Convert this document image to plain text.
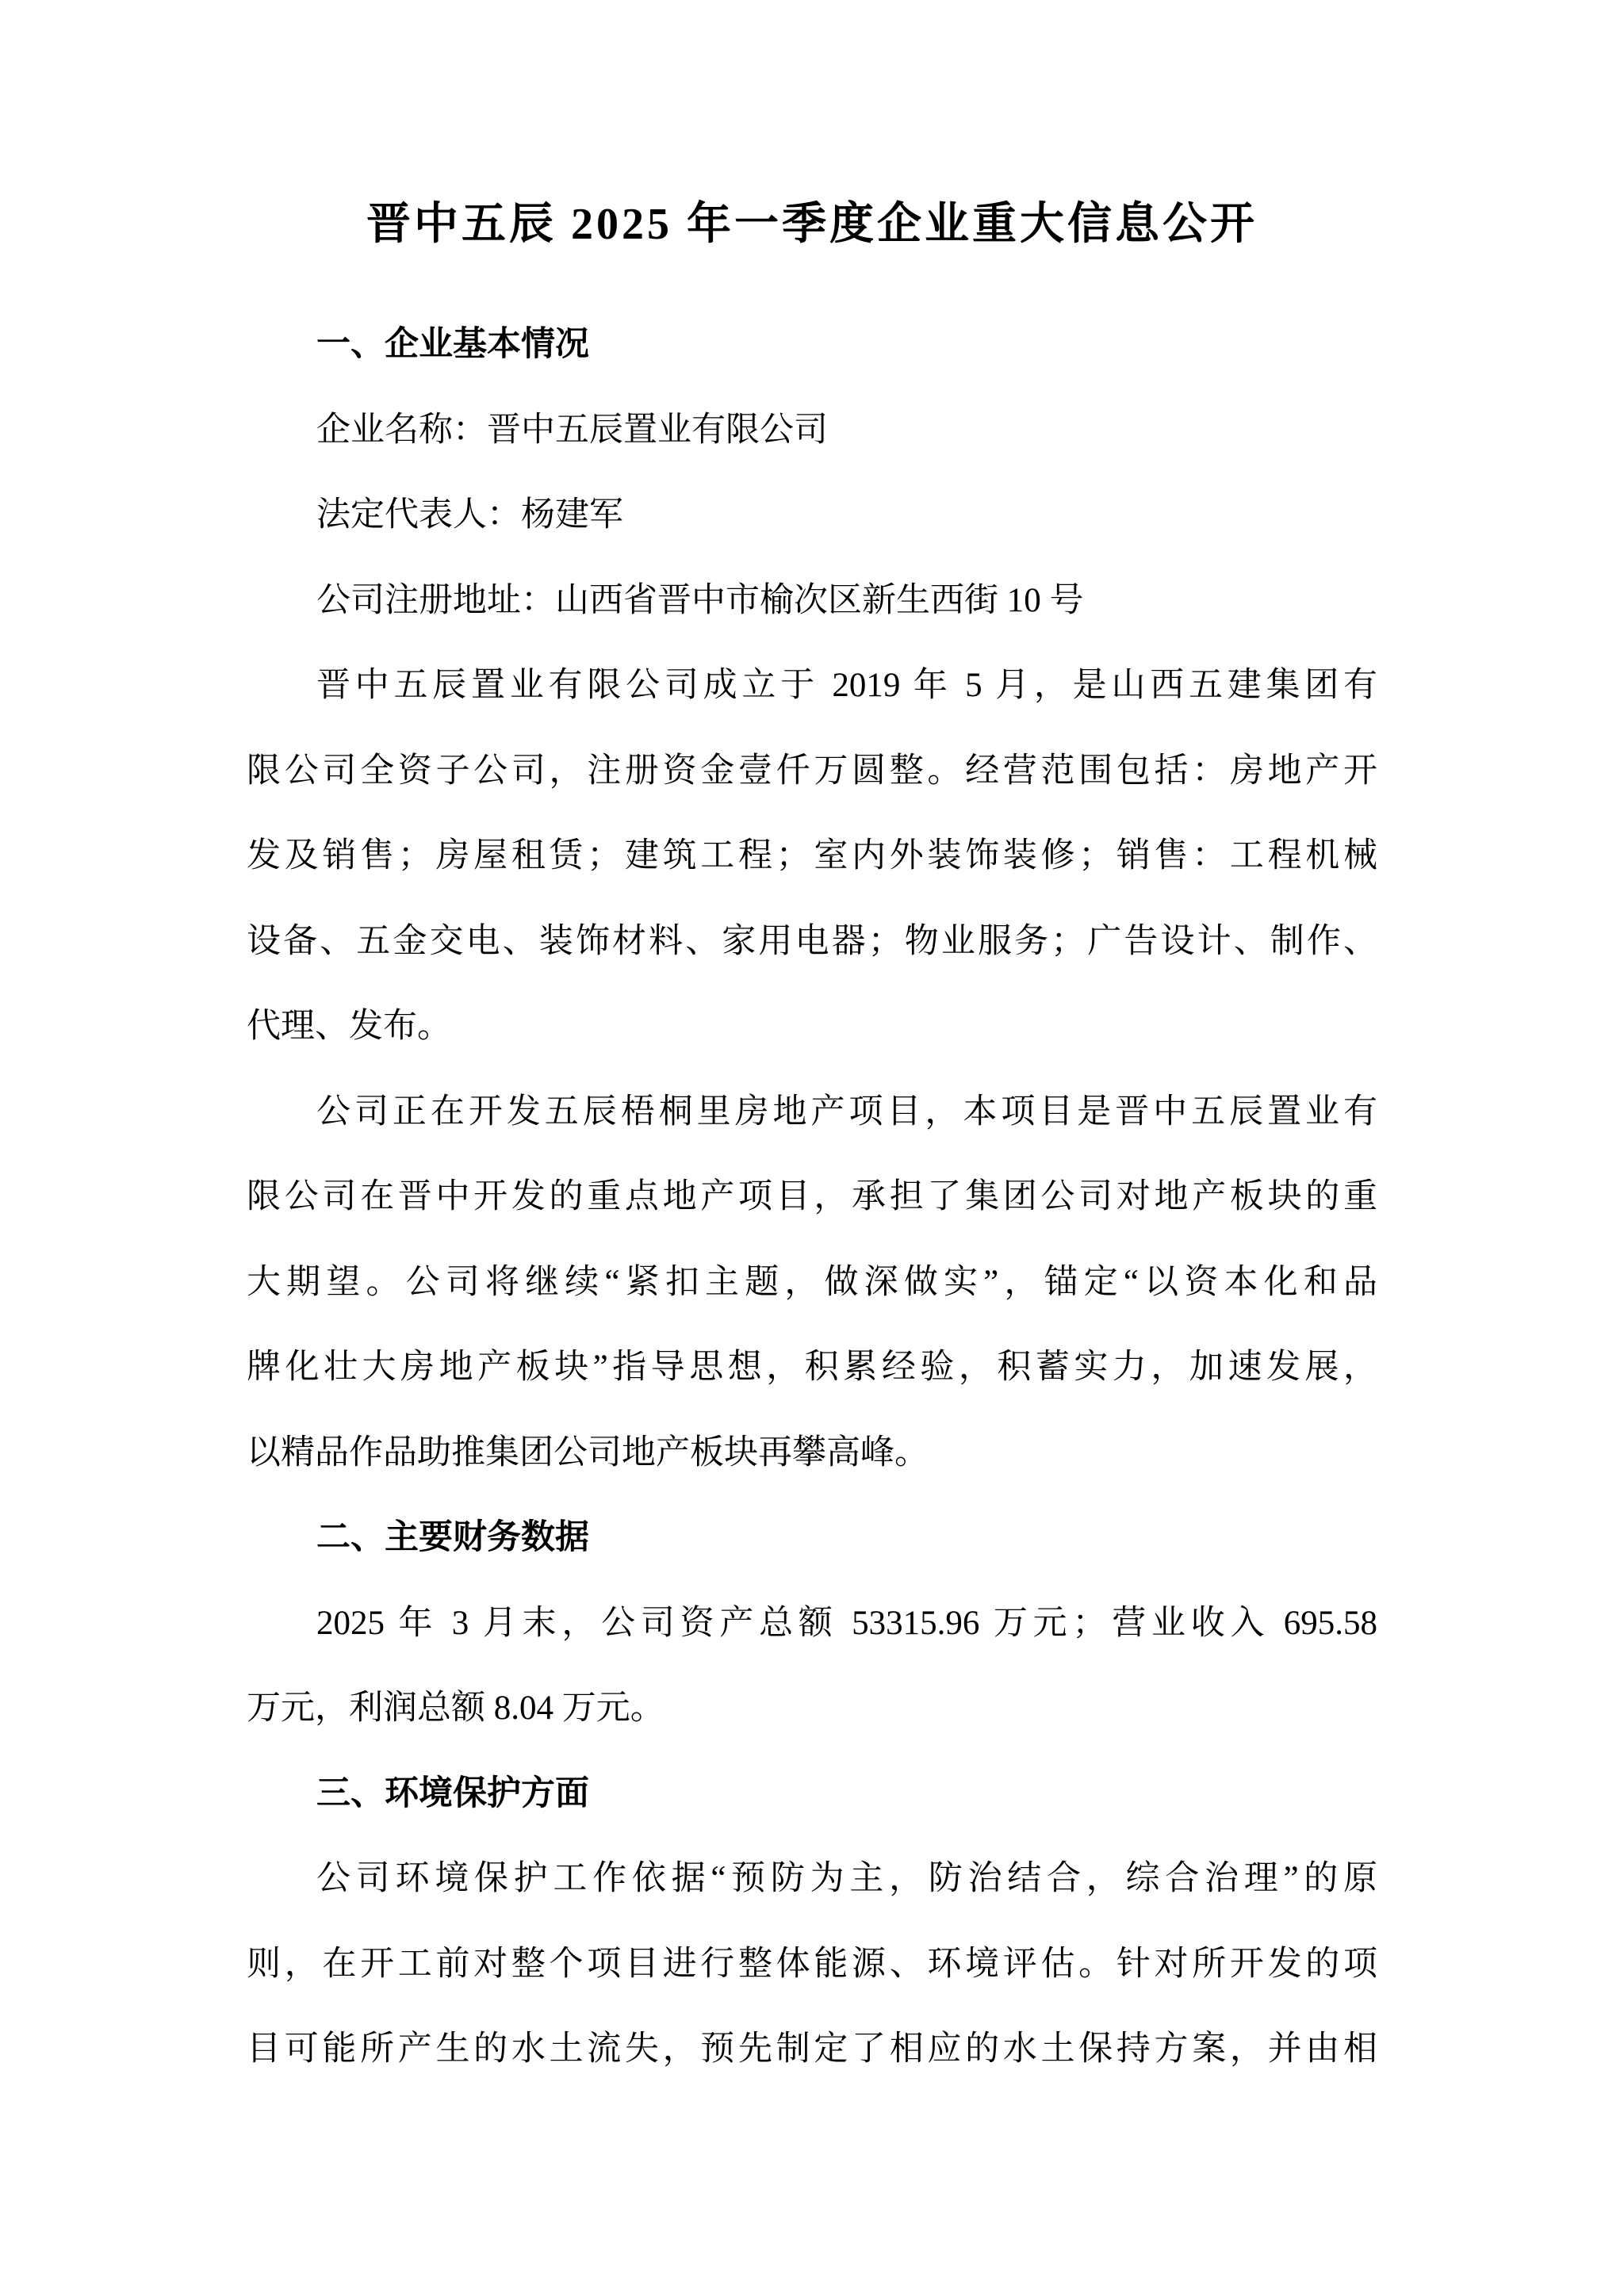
晋中五辰 2025 年一季度企业重大信息公开
一、企业基本情况
企业名称：晋中五辰置业有限公司
法定代表人：杨建军
公司注册地址：山西省晋中市榆次区新生西街 10 号
晋中五辰置业有限公司成立于 2019 年 5 月，是山西五建集团有
限公司全资子公司，注册资金壹仟万圆整。经营范围包括：房地产开
发及销售；房屋租赁；建筑工程；室内外装饰装修；销售：工程机械
设备、五金交电、装饰材料、家用电器；物业服务；广告设计、制作、
代理、发布。
公司正在开发五辰梧桐里房地产项目，本项目是晋中五辰置业有
限公司在晋中开发的重点地产项目，承担了集团公司对地产板块的重
大期望。公司将继续“紧扣主题，做深做实”，锚定“以资本化和品
牌化壮大房地产板块”指导思想，积累经验，积蓄实力，加速发展，
以精品作品助推集团公司地产板块再攀高峰。
二、主要财务数据
2025 年 3 月末，公司资产总额 53315.96 万元；营业收入 695.58
万元，利润总额 8.04 万元。
三、环境保护方面
公司环境保护工作依据“预防为主，防治结合，综合治理”的原
则，在开工前对整个项目进行整体能源、环境评估。针对所开发的项
目可能所产生的水土流失，预先制定了相应的水土保持方案，并由相
